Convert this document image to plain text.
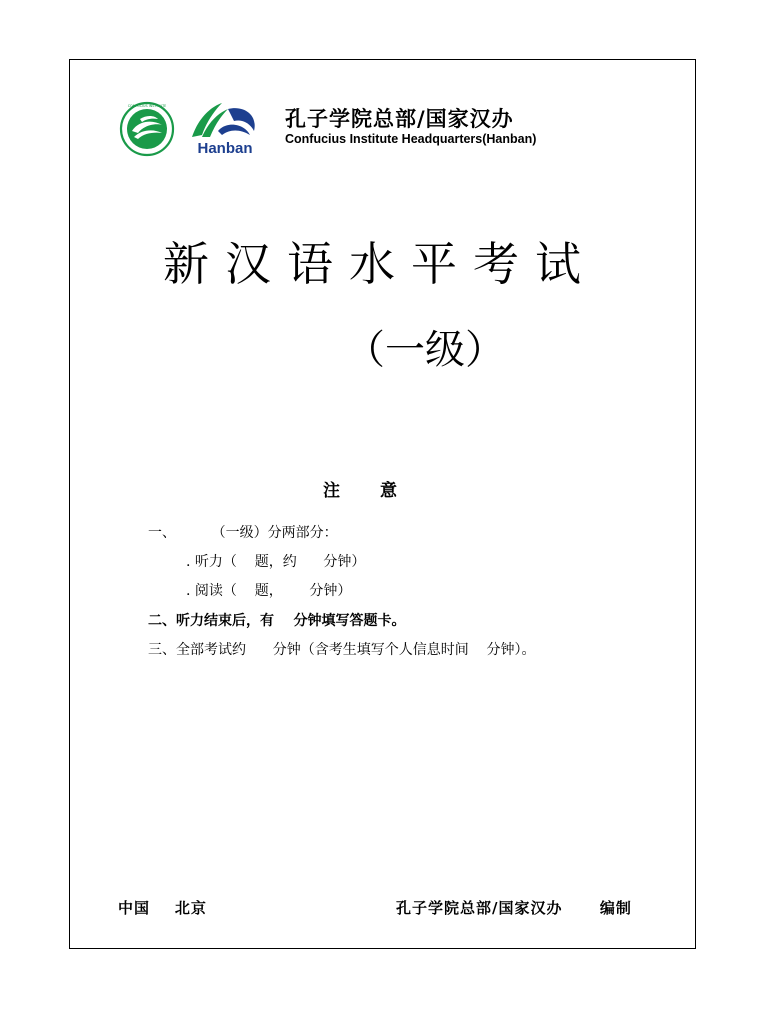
CONFUCIUS INSTITUTE
Hanban
孔子学院总部/国家汉办
Confucius Institute Headquarters(Hanban)
新汉语水平考试
（一级）
注意
一、        （一级）分两部分：
. 听力（    题，约      分钟）
. 阅读（    题，      分钟）
二、听力结束后，有    分钟填写答题卡。
三、全部考试约      分钟（含考生填写个人信息时间    分钟）。
中国    北京	孔子学院总部/国家汉办      编制
